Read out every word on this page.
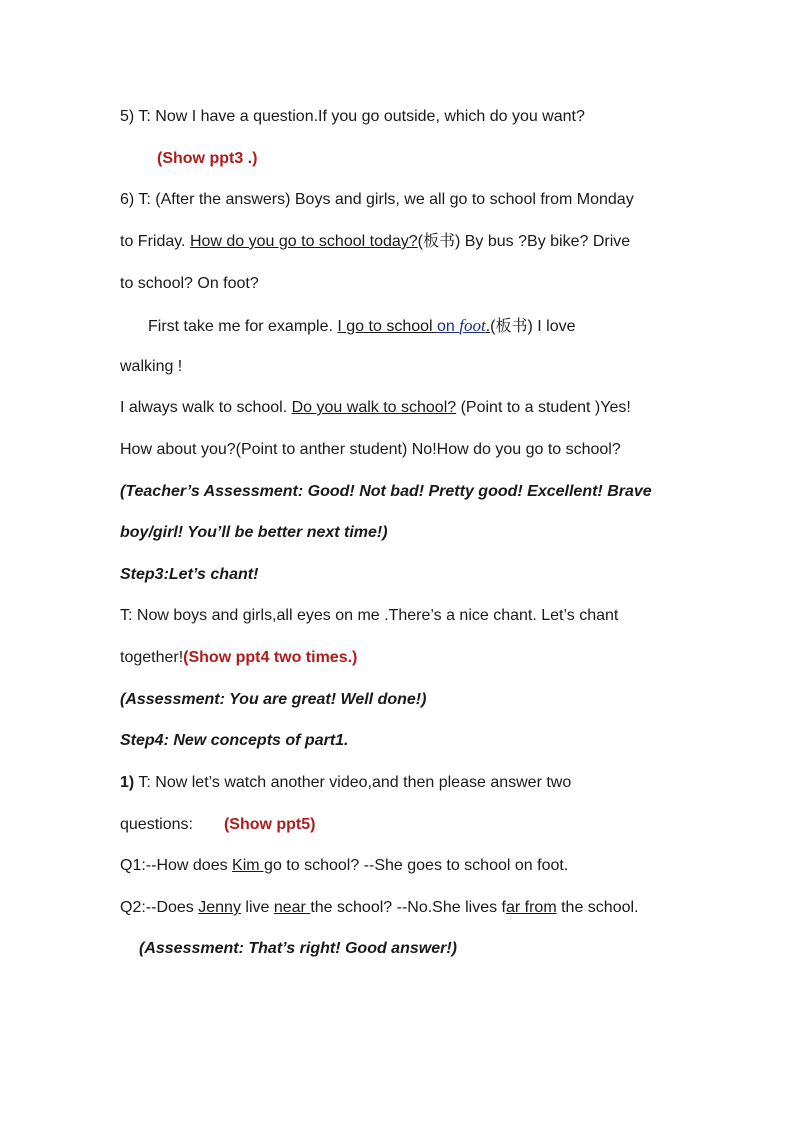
5) T: Now I have a question.If you go outside, which do you want?
(Show ppt3 .)
6) T: (After the answers) Boys and girls, we all go to school from Monday
to Friday. How do you go to school today?(板书) By bus ?By bike? Drive
to school? On foot?
First take me for example. I go to school on foot.(板书) I love
walking !
I always walk to school. Do you walk to school? (Point to a student )Yes!
How about you?(Point to anther student) No!How do you go to school?
(Teacher’s Assessment: Good! Not bad! Pretty good! Excellent! Brave
boy/girl! You’ll be better next time!)
Step3:Let’s chant!
T: Now boys and girls,all eyes on me .There’s a nice chant. Let’s chant
together!(Show ppt4 two times.)
(Assessment: You are great! Well done!)
Step4: New concepts of part1.
1) T: Now let’s watch another video,and then please answer two
questions: (Show ppt5)
Q1:--How does Kim go to school? --She goes to school on foot.
Q2:--Does Jenny live near the school? --No.She lives far from the school.
(Assessment: That’s right! Good answer!)
